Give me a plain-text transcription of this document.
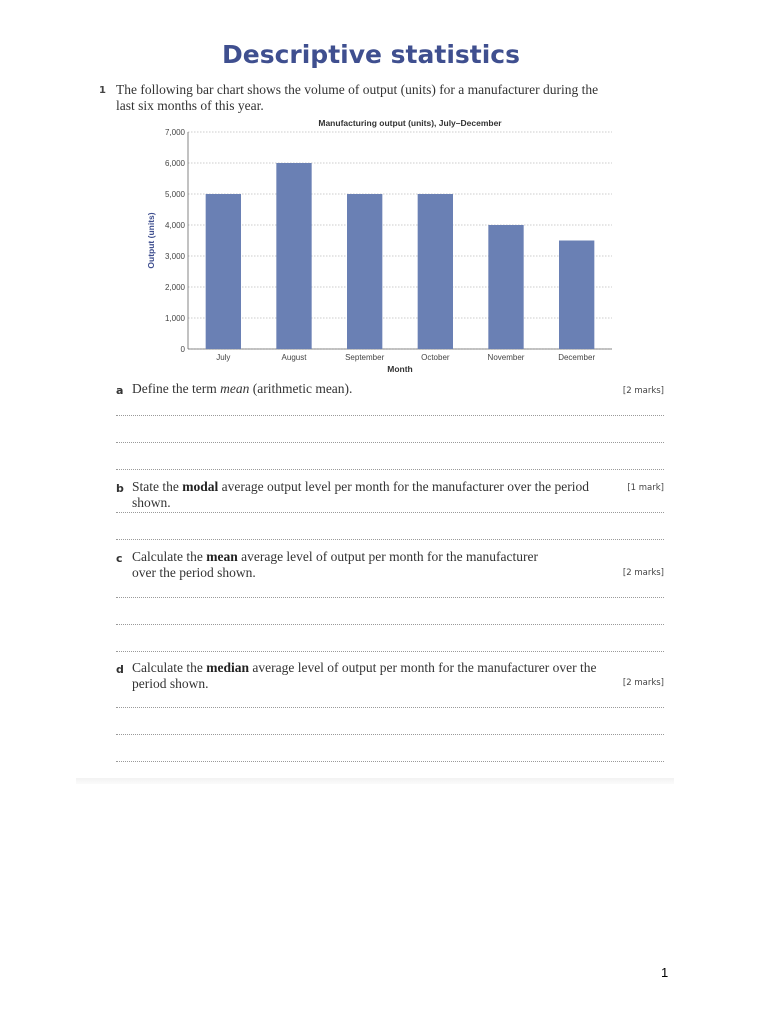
Descriptive statistics
1 The following bar chart shows the volume of output (units) for a manufacturer during the last six months of this year.
Manufacturing output (units), July–December
0
1,000
2,000
3,000
4,000
5,000
6,000
7,000
July	August	September	October	November	December
Month
Output (units)
a Define the term mean (arithmetic mean).	[2 marks]
b State the modal average output level per month for the manufacturer over the period shown.
[1 mark]
c Calculate the mean average level of output per month for the manufacturer over the period shown.	[2 marks]
d Calculate the median average level of output per month for the manufacturer over the period shown.	[2 marks]
1
